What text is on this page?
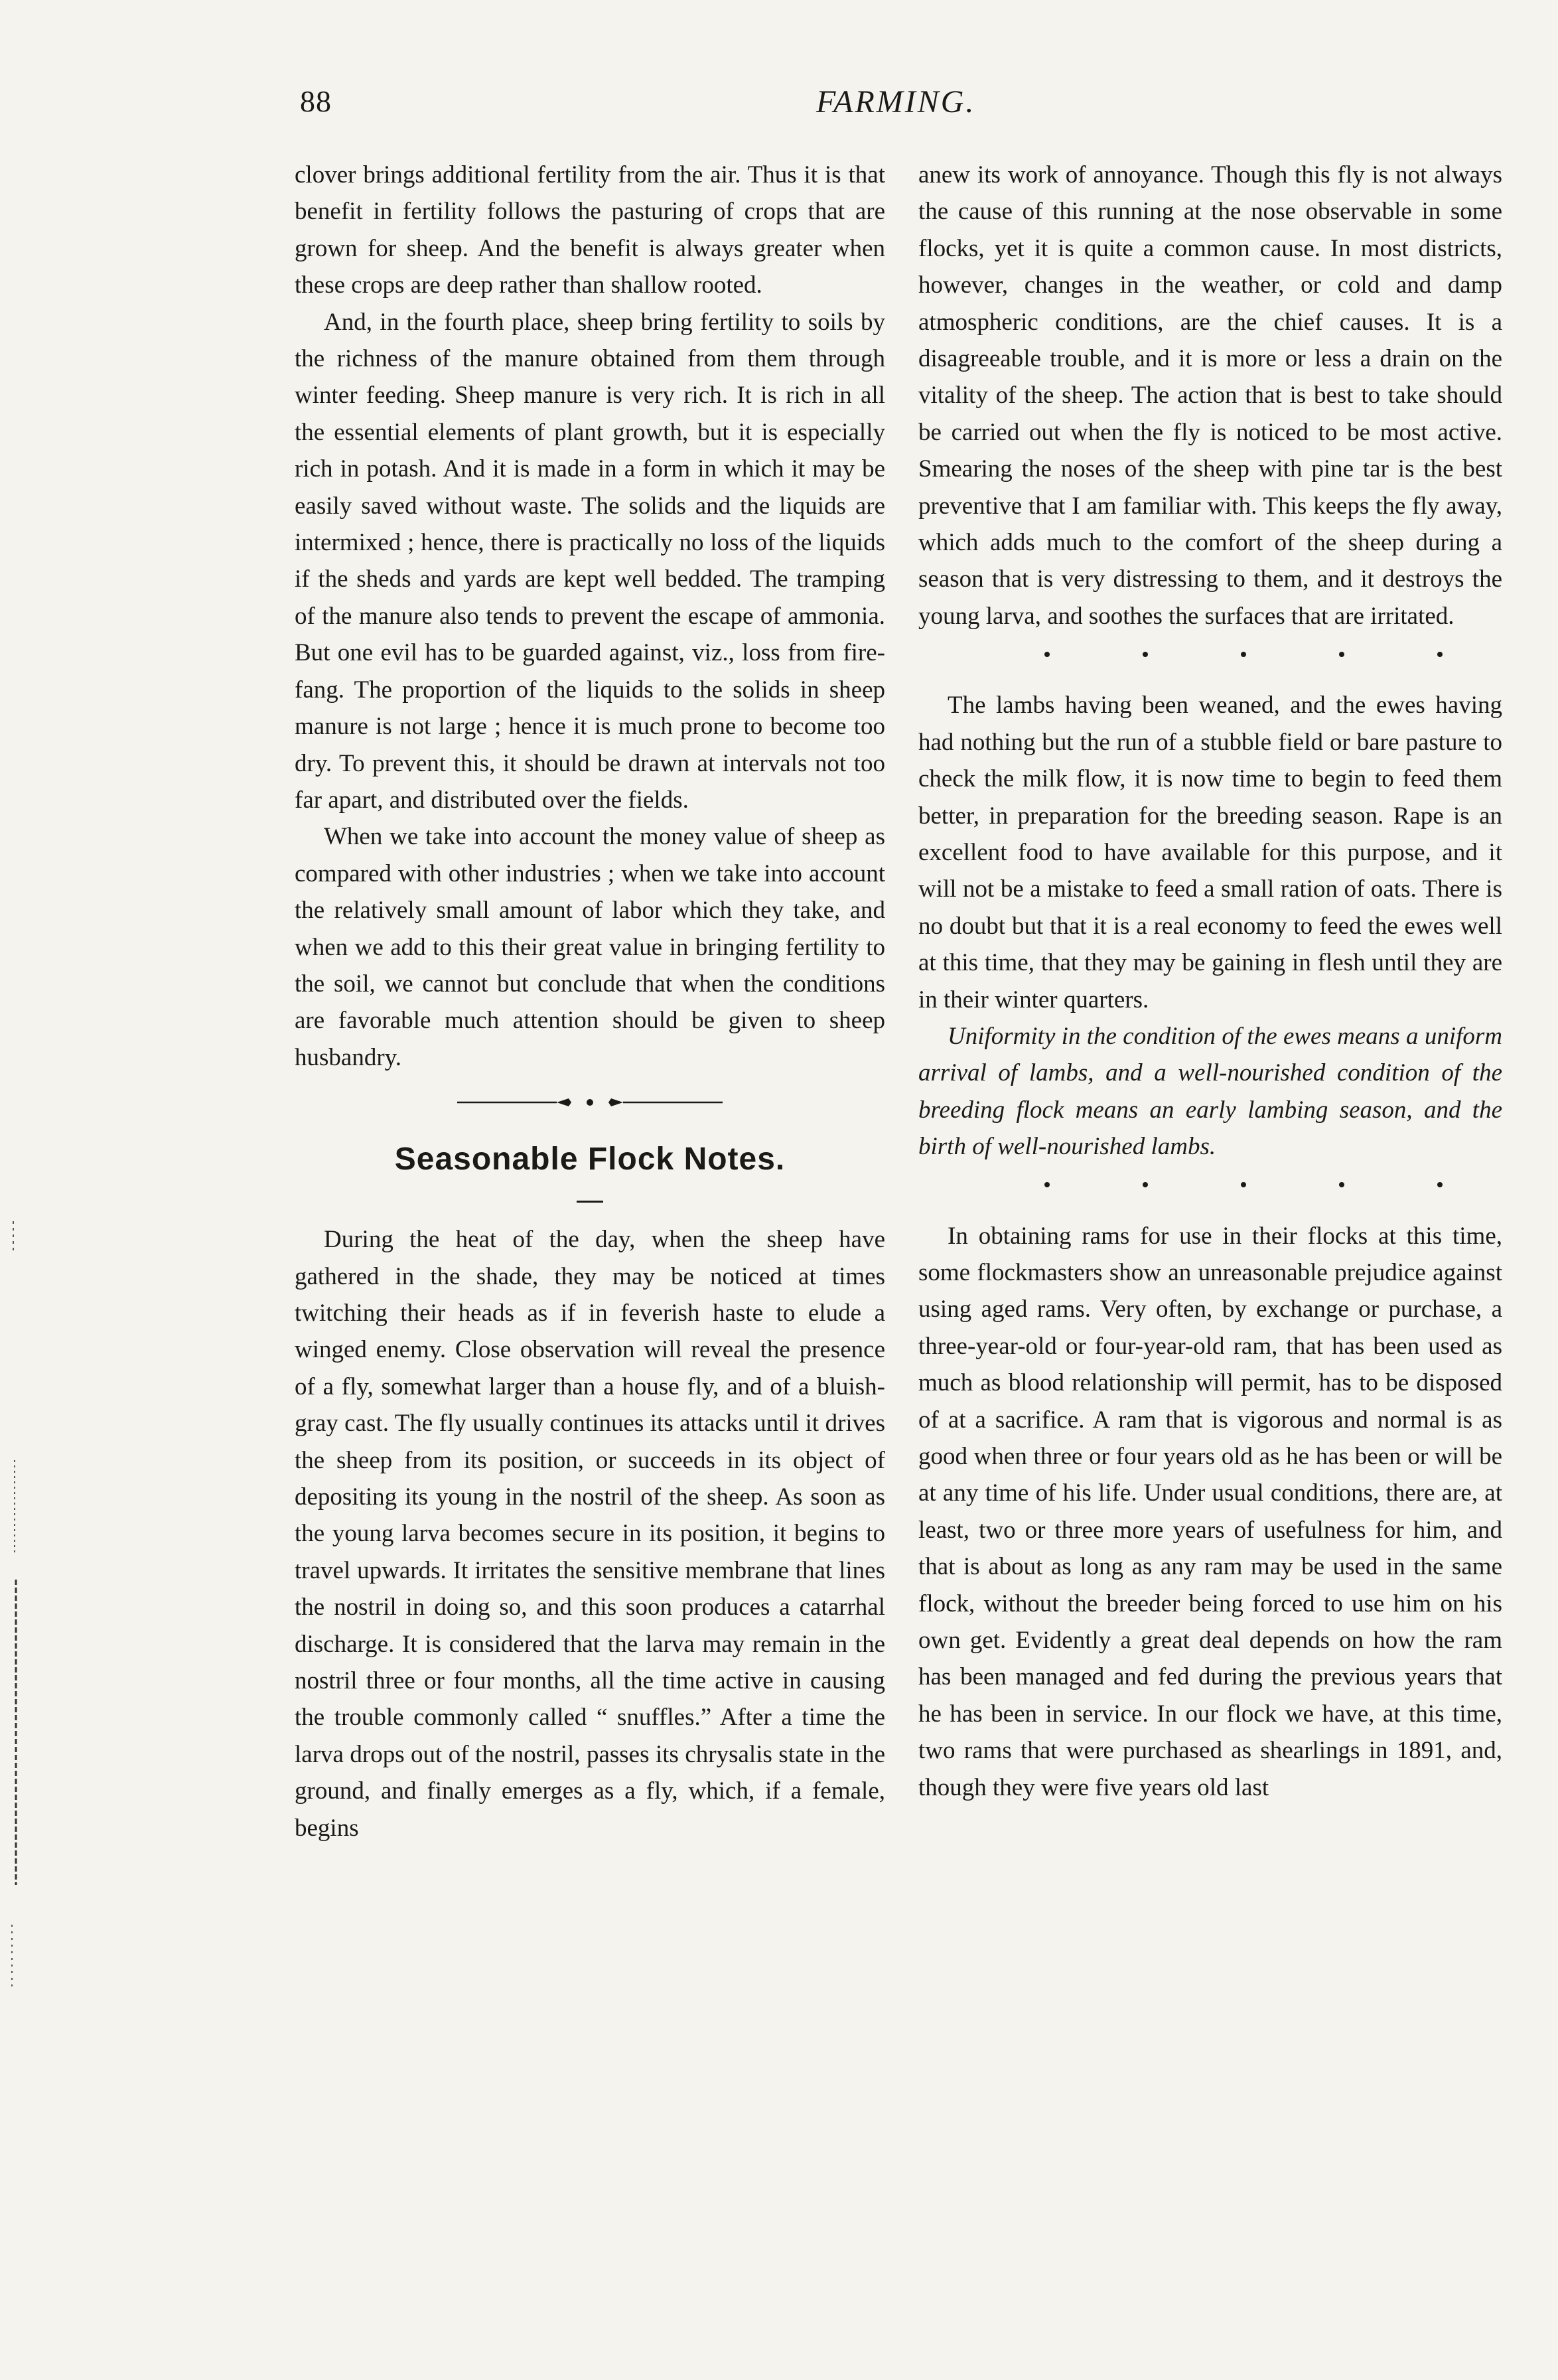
88	FARMING.

clover brings additional fertility from the air. Thus it is that benefit in fertility follows the pasturing of crops that are grown for sheep. And the benefit is always greater when these crops are deep rather than shallow rooted.

And, in the fourth place, sheep bring fertility to soils by the richness of the manure obtained from them through winter feeding. Sheep manure is very rich. It is rich in all the essential elements of plant growth, but it is especially rich in potash. And it is made in a form in which it may be easily saved without waste. The solids and the liquids are intermixed ; hence, there is practically no loss of the liquids if the sheds and yards are kept well bedded. The tramping of the manure also tends to prevent the escape of ammonia. But one evil has to be guarded against, viz., loss from fire-fang. The proportion of the liquids to the solids in sheep manure is not large ; hence it is much prone to become too dry. To prevent this, it should be drawn at intervals not too far apart, and distributed over the fields.

When we take into account the money value of sheep as compared with other industries ; when we take into account the relatively small amount of labor which they take, and when we add to this their great value in bringing fertility to the soil, we cannot but conclude that when the conditions are favorable much attention should be given to sheep husbandry.

Seasonable Flock Notes.

During the heat of the day, when the sheep have gathered in the shade, they may be noticed at times twitching their heads as if in feverish haste to elude a winged enemy. Close observation will reveal the presence of a fly, somewhat larger than a house fly, and of a bluish-gray cast. The fly usually continues its attacks until it drives the sheep from its position, or succeeds in its object of depositing its young in the nostril of the sheep. As soon as the young larva becomes secure in its position, it begins to travel upwards. It irritates the sensitive membrane that lines the nostril in doing so, and this soon produces a catarrhal discharge. It is considered that the larva may remain in the nostril three or four months, all the time active in causing the trouble commonly called “ snuffles.” After a time the larva drops out of the nostril, passes its chrysalis state in the ground, and finally emerges as a fly, which, if a female, begins

anew its work of annoyance. Though this fly is not always the cause of this running at the nose observable in some flocks, yet it is quite a common cause. In most districts, however, changes in the weather, or cold and damp atmospheric conditions, are the chief causes. It is a disagreeable trouble, and it is more or less a drain on the vitality of the sheep. The action that is best to take should be carried out when the fly is noticed to be most active. Smearing the noses of the sheep with pine tar is the best preventive that I am familiar with. This keeps the fly away, which adds much to the comfort of the sheep during a season that is very distressing to them, and it destroys the young larva, and soothes the surfaces that are irritated.

The lambs having been weaned, and the ewes having had nothing but the run of a stubble field or bare pasture to check the milk flow, it is now time to begin to feed them better, in preparation for the breeding season. Rape is an excellent food to have available for this purpose, and it will not be a mistake to feed a small ration of oats. There is no doubt but that it is a real economy to feed the ewes well at this time, that they may be gaining in flesh until they are in their winter quarters.

Uniformity in the condition of the ewes means a uniform arrival of lambs, and a well-nourished condition of the breeding flock means an early lambing season, and the birth of well-nourished lambs.

In obtaining rams for use in their flocks at this time, some flockmasters show an unreasonable prejudice against using aged rams. Very often, by exchange or purchase, a three-year-old or four-year-old ram, that has been used as much as blood relationship will permit, has to be disposed of at a sacrifice. A ram that is vigorous and normal is as good when three or four years old as he has been or will be at any time of his life. Under usual conditions, there are, at least, two or three more years of usefulness for him, and that is about as long as any ram may be used in the same flock, without the breeder being forced to use him on his own get. Evidently a great deal depends on how the ram has been managed and fed during the previous years that he has been in service. In our flock we have, at this time, two rams that were purchased as shearlings in 1891, and, though they were five years old last
